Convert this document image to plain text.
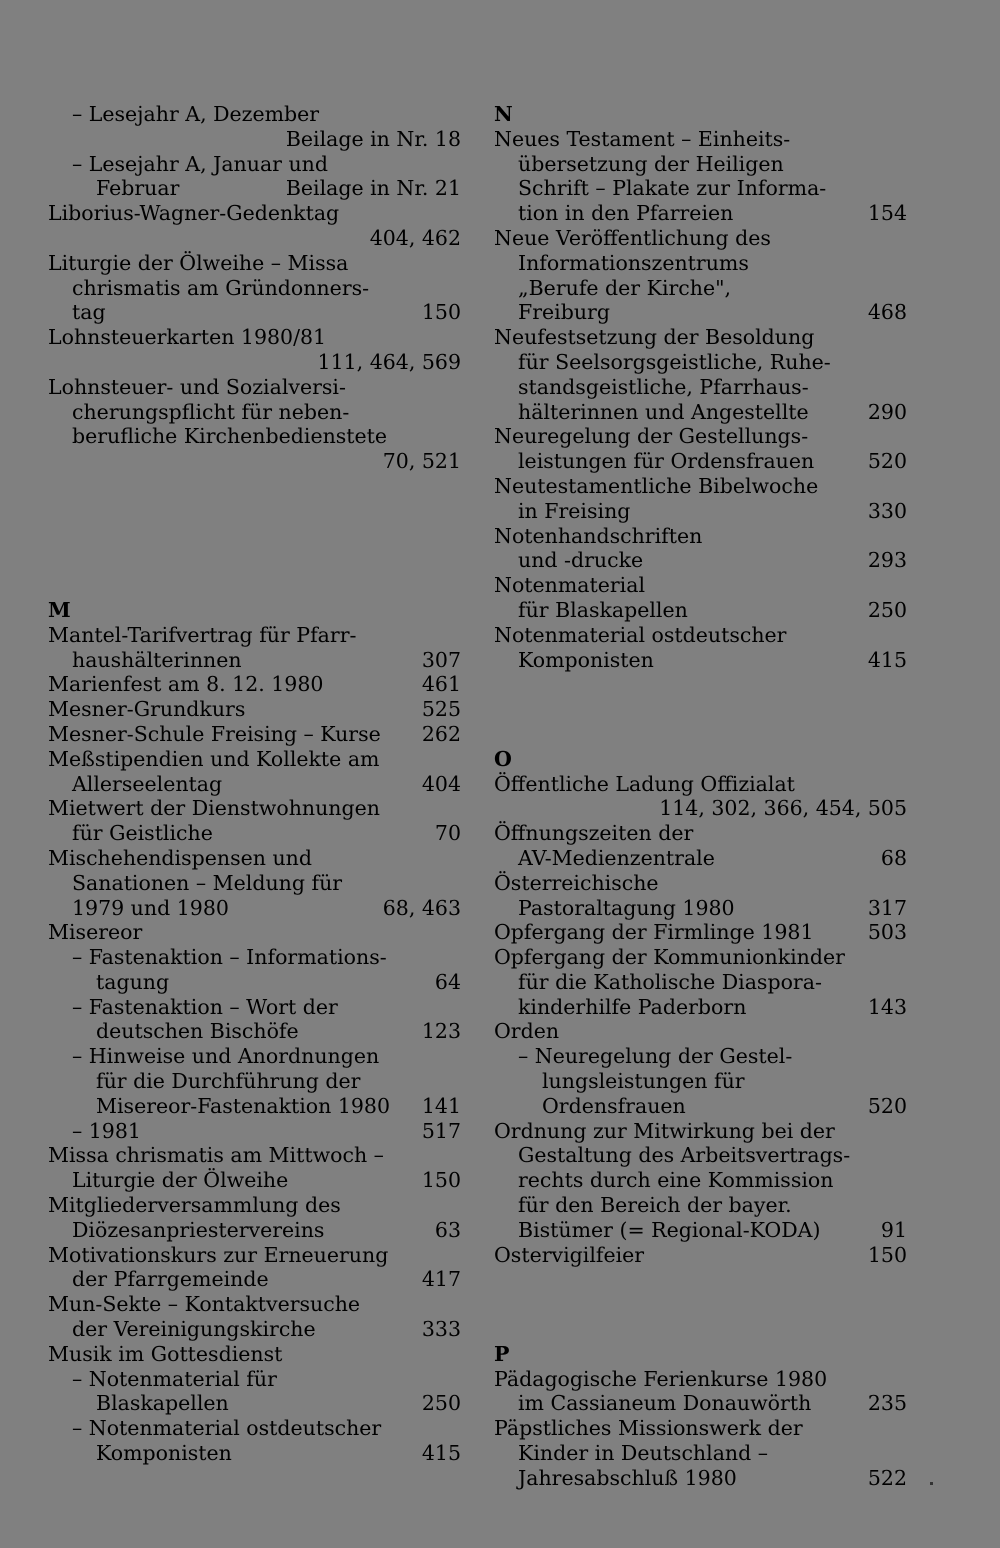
– Lesejahr A, Dezember
Beilage in Nr. 18
– Lesejahr A, Januar und
Februar	Beilage in Nr. 21
Liborius-Wagner-Gedenktag
404, 462
Liturgie der Ölweihe – Missa
chrismatis am Gründonners-
tag	150
Lohnsteuerkarten 1980/81
111, 464, 569
Lohnsteuer- und Sozialversi-
cherungspflicht für neben-
berufliche Kirchenbedienstete
70, 521
M
Mantel-Tarifvertrag für Pfarr-
haushälterinnen	307
Marienfest am 8. 12. 1980	461
Mesner-Grundkurs	525
Mesner-Schule Freising – Kurse 262
Meßstipendien und Kollekte am
Allerseelentag	404
Mietwert der Dienstwohnungen
für Geistliche	70
Mischehendispensen und
Sanationen – Meldung für
1979 und 1980	68, 463
Misereor
– Fastenaktion – Informations-
tagung	64
– Fastenaktion – Wort der
deutschen Bischöfe	123
– Hinweise und Anordnungen
für die Durchführung der
Misereor-Fastenaktion 1980 141
– 1981	517
Missa chrismatis am Mittwoch –
Liturgie der Ölweihe	150
Mitgliederversammlung des
Diözesanpriestervereins	63
Motivationskurs zur Erneuerung
der Pfarrgemeinde	417
Mun-Sekte – Kontaktversuche
der Vereinigungskirche	333
Musik im Gottesdienst
– Notenmaterial für
Blaskapellen	250
– Notenmaterial ostdeutscher
Komponisten	415
N
Neues Testament – Einheits-
übersetzung der Heiligen
Schrift – Plakate zur Informa-
tion in den Pfarreien	154
Neue Veröffentlichung des
Informationszentrums
„Berufe der Kirche",
Freiburg	468
Neufestsetzung der Besoldung
für Seelsorgsgeistliche, Ruhe-
standsgeistliche, Pfarrhaus-
hälterinnen und Angestellte	290
Neuregelung der Gestellungs-
leistungen für Ordensfrauen	520
Neutestamentliche Bibelwoche
in Freising	330
Notenhandschriften
und -drucke	293
Notenmaterial
für Blaskapellen	250
Notenmaterial ostdeutscher
Komponisten	415
O
Öffentliche Ladung Offizialat
114, 302, 366, 454, 505
Öffnungszeiten der
AV-Medienzentrale	68
Österreichische
Pastoraltagung 1980	317
Opfergang der Firmlinge 1981	503
Opfergang der Kommunionkinder
für die Katholische Diaspora-
kinderhilfe Paderborn	143
Orden
– Neuregelung der Gestel-
lungsleistungen für
Ordensfrauen	520
Ordnung zur Mitwirkung bei der
Gestaltung des Arbeitsvertrags-
rechts durch eine Kommission
für den Bereich der bayer.
Bistümer (= Regional-KODA)	91
Ostervigilfeier	150
P
Pädagogische Ferienkurse 1980
im Cassianeum Donauwörth	235
Päpstliches Missionswerk der
Kinder in Deutschland –
Jahresabschluß 1980	522
